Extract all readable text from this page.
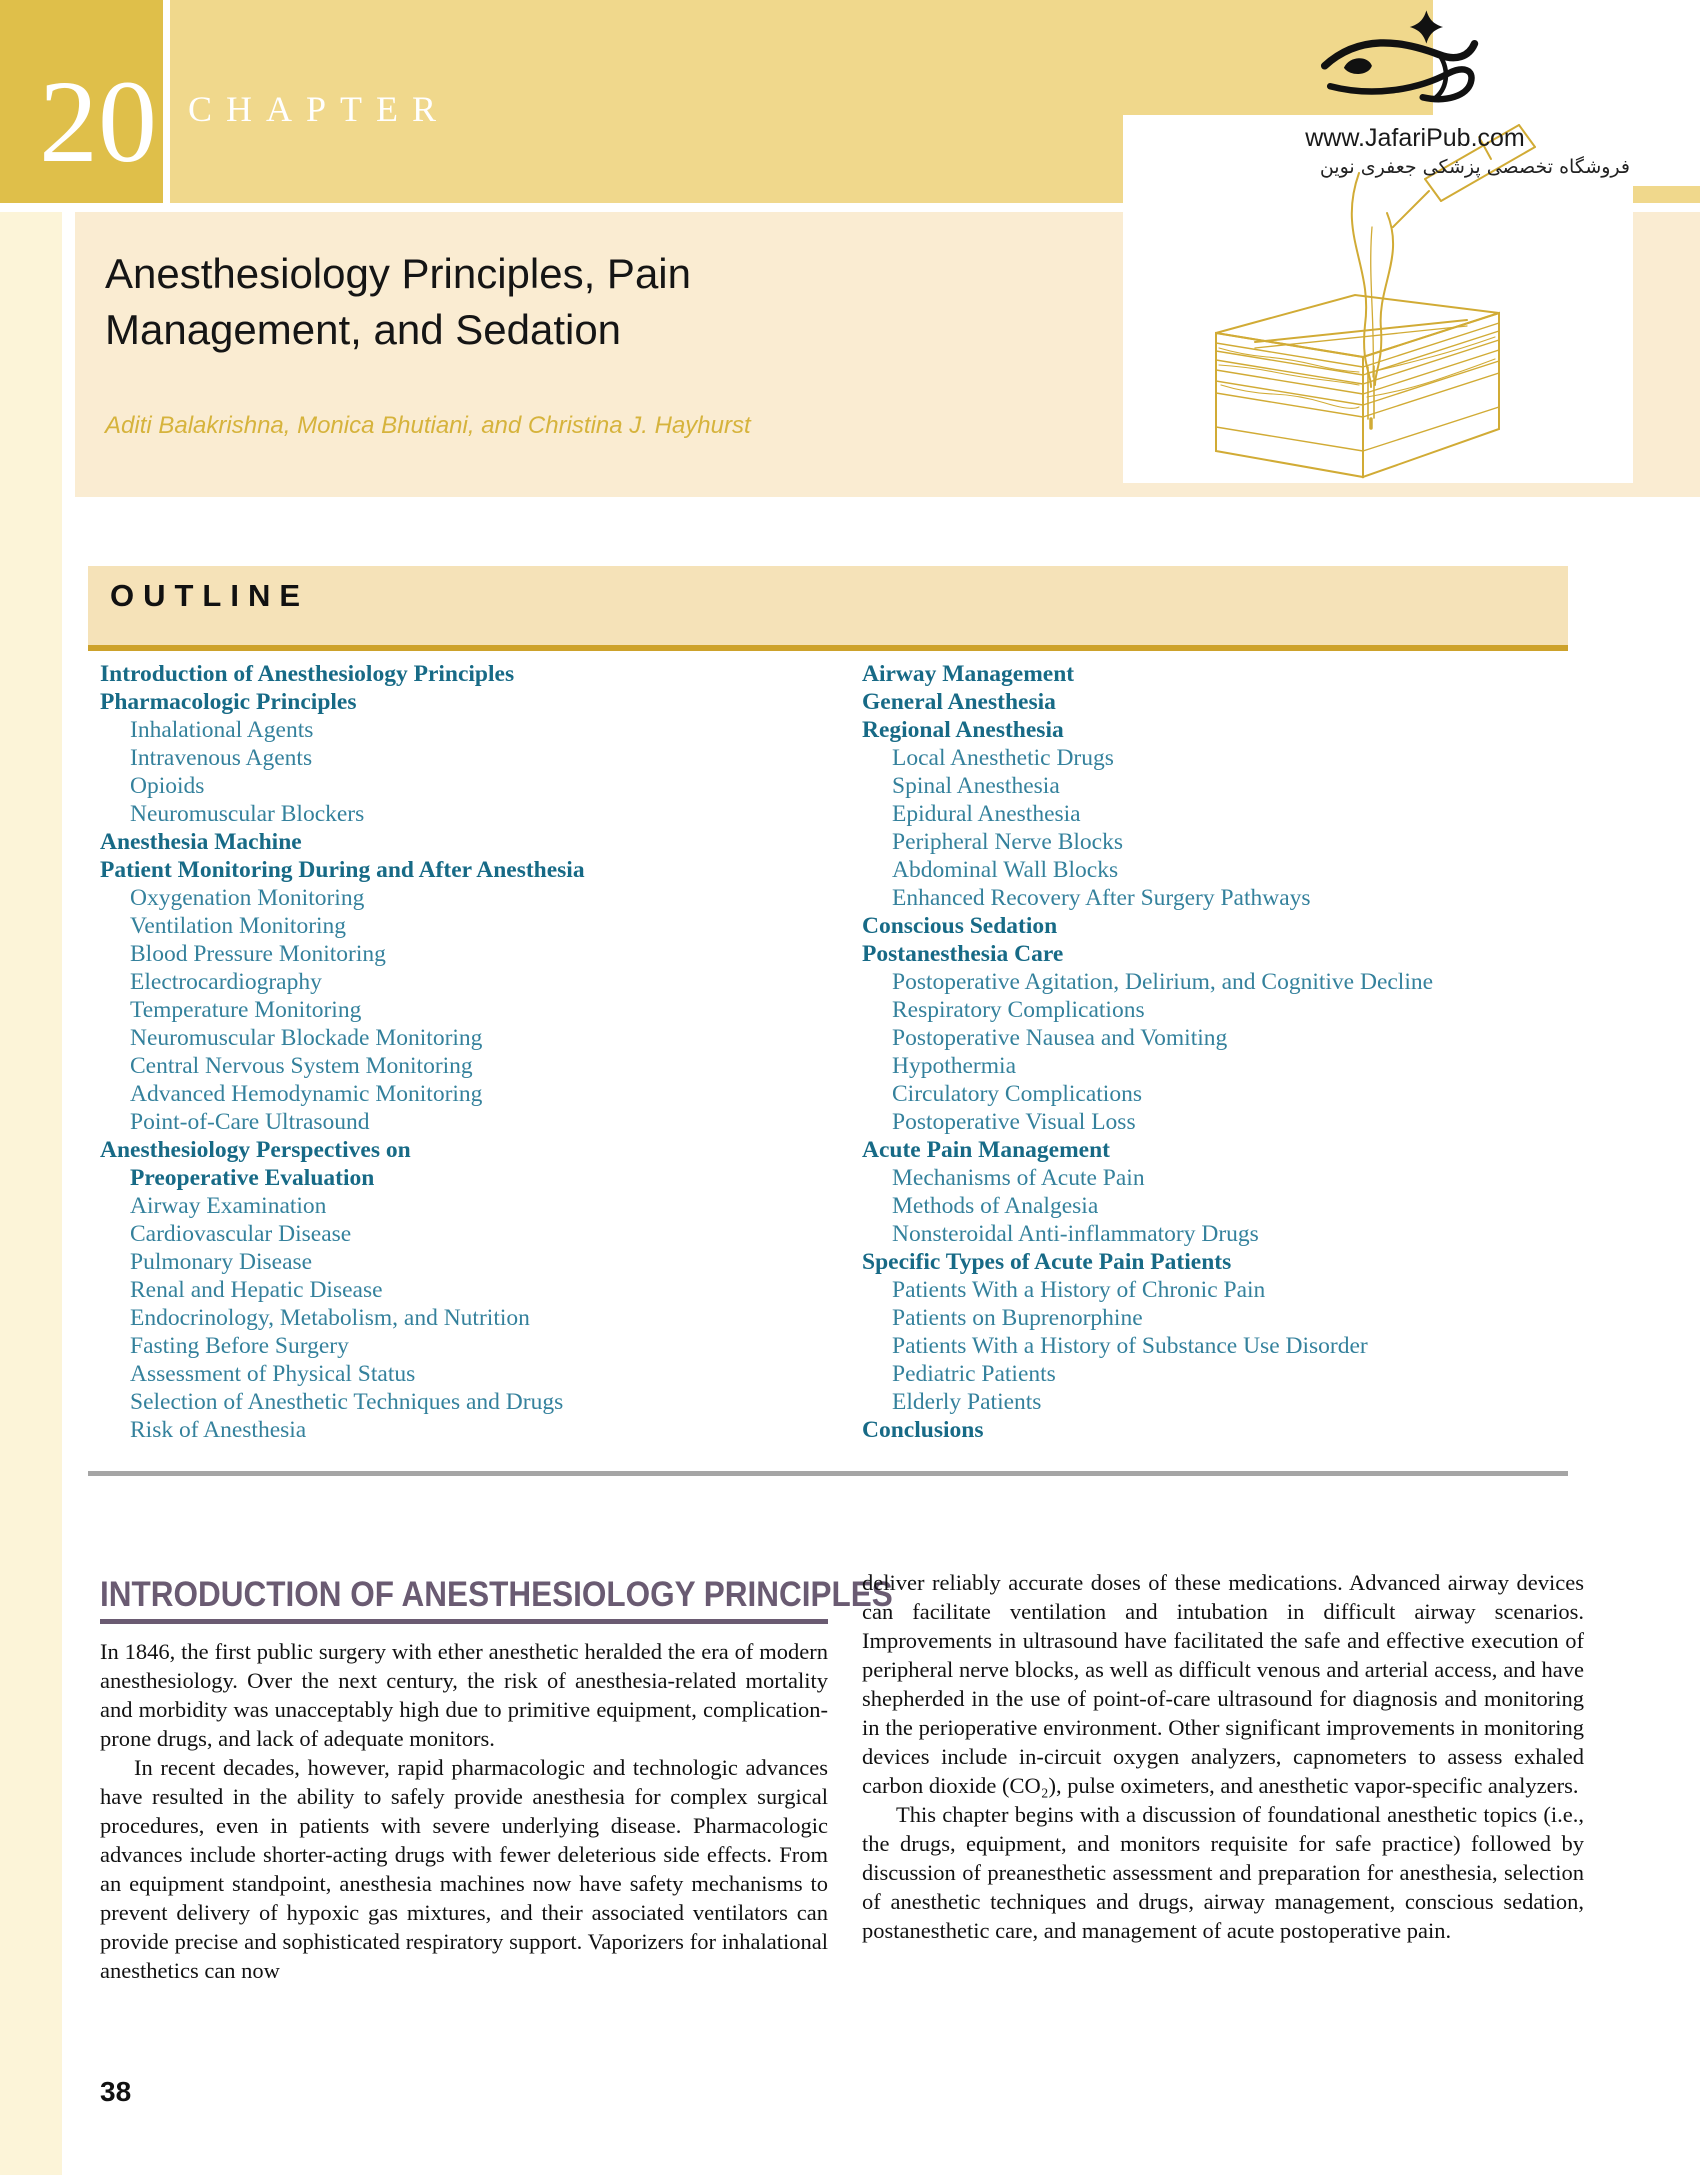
20 CHAPTER
Anesthesiology Principles, Pain
Management, and Sedation
Aditi Balakrishna, Monica Bhutiani, and Christina J. Hayhurst
www.JafariPub.com
فروشگاه تخصصی پزشکی جعفری نوین
OUTLINE
Introduction of Anesthesiology Principles
Pharmacologic Principles
Inhalational Agents
Intravenous Agents
Opioids
Neuromuscular Blockers
Anesthesia Machine
Patient Monitoring During and After Anesthesia
Oxygenation Monitoring
Ventilation Monitoring
Blood Pressure Monitoring
Electrocardiography
Temperature Monitoring
Neuromuscular Blockade Monitoring
Central Nervous System Monitoring
Advanced Hemodynamic Monitoring
Point-of-Care Ultrasound
Anesthesiology Perspectives on
Preoperative Evaluation
Airway Examination
Cardiovascular Disease
Pulmonary Disease
Renal and Hepatic Disease
Endocrinology, Metabolism, and Nutrition
Fasting Before Surgery
Assessment of Physical Status
Selection of Anesthetic Techniques and Drugs
Risk of Anesthesia
Airway Management
General Anesthesia
Regional Anesthesia
Local Anesthetic Drugs
Spinal Anesthesia
Epidural Anesthesia
Peripheral Nerve Blocks
Abdominal Wall Blocks
Enhanced Recovery After Surgery Pathways
Conscious Sedation
Postanesthesia Care
Postoperative Agitation, Delirium, and Cognitive Decline
Respiratory Complications
Postoperative Nausea and Vomiting
Hypothermia
Circulatory Complications
Postoperative Visual Loss
Acute Pain Management
Mechanisms of Acute Pain
Methods of Analgesia
Nonsteroidal Anti-inflammatory Drugs
Specific Types of Acute Pain Patients
Patients With a History of Chronic Pain
Patients on Buprenorphine
Patients With a History of Substance Use Disorder
Pediatric Patients
Elderly Patients
Conclusions
INTRODUCTION OF ANESTHESIOLOGY PRINCIPLES

In 1846, the first public surgery with ether anesthetic heralded the era of modern anesthesiology. Over the next century, the risk of anesthesia-related mortality and morbidity was unacceptably high due to primitive equipment, complication-prone drugs, and lack of adequate monitors.

In recent decades, however, rapid pharmacologic and technologic advances have resulted in the ability to safely provide anesthesia for complex surgical procedures, even in patients with severe underlying disease. Pharmacologic advances include shorter-acting drugs with fewer deleterious side effects. From an equipment standpoint, anesthesia machines now have safety mechanisms to prevent delivery of hypoxic gas mixtures, and their associated ventilators can provide precise and sophisticated respiratory support. Vaporizers for inhalational anesthetics can now

deliver reliably accurate doses of these medications. Advanced airway devices can facilitate ventilation and intubation in difficult airway scenarios. Improvements in ultrasound have facilitated the safe and effective execution of peripheral nerve blocks, as well as difficult venous and arterial access, and have shepherded in the use of point-of-care ultrasound for diagnosis and monitoring in the perioperative environment. Other significant improvements in monitoring devices include in-circuit oxygen analyzers, capnometers to assess exhaled carbon dioxide (CO₂), pulse oximeters, and anesthetic vapor-specific analyzers.

This chapter begins with a discussion of foundational anesthetic topics (i.e., the drugs, equipment, and monitors requisite for safe practice) followed by discussion of preanesthetic assessment and preparation for anesthesia, selection of anesthetic techniques and drugs, airway management, conscious sedation, postanesthetic care, and management of acute postoperative pain.

38
